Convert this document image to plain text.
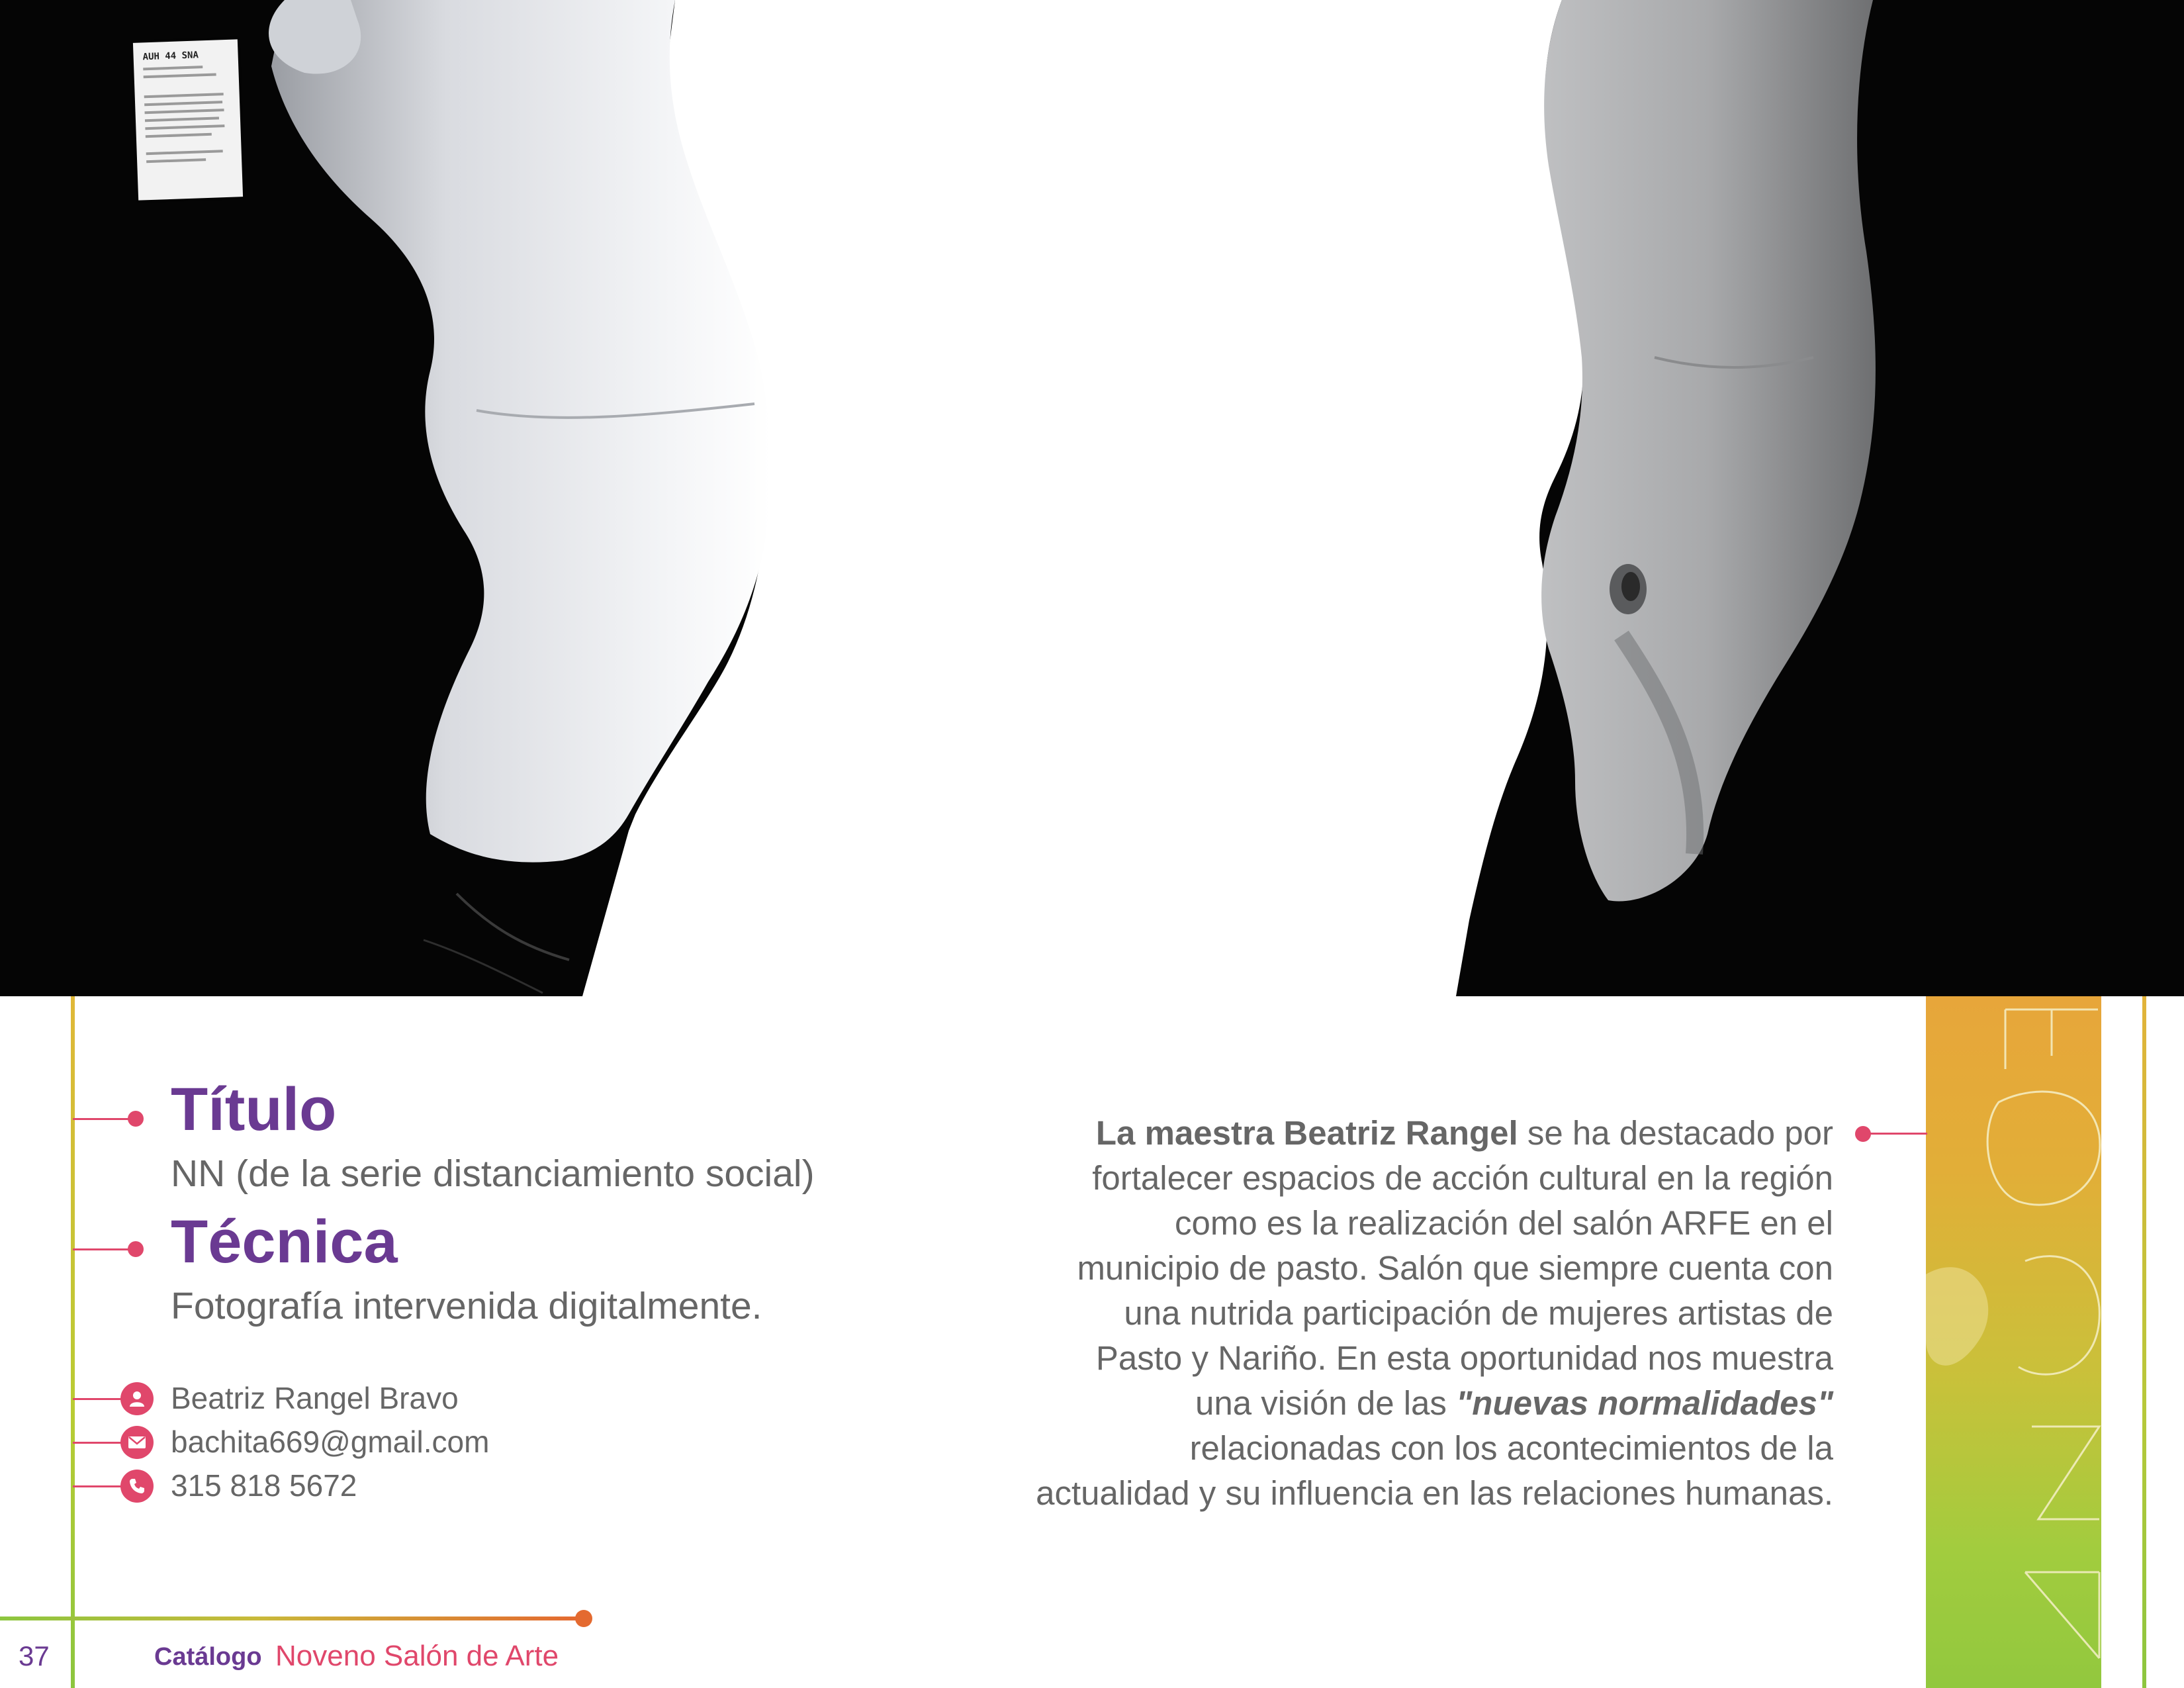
AUH 44 SNA
Título
NN (de la serie distanciamiento social)
Técnica
Fotografía intervenida digitalmente.
Beatriz Rangel Bravo
bachita669@gmail.com
315 818 5672
La maestra Beatriz Rangel se ha destacado por fortalecer espacios de acción cultural en la región como es la realización del salón ARFE en el municipio de pasto. Salón que siempre cuenta con una nutrida participación de mujeres artistas de Pasto y Nariño. En esta oportunidad nos muestra una visión de las "nuevas normalidades" relacionadas con los acontecimientos de la actualidad y su influencia en las relaciones humanas.
37	Catálogo Noveno Salón de Arte
